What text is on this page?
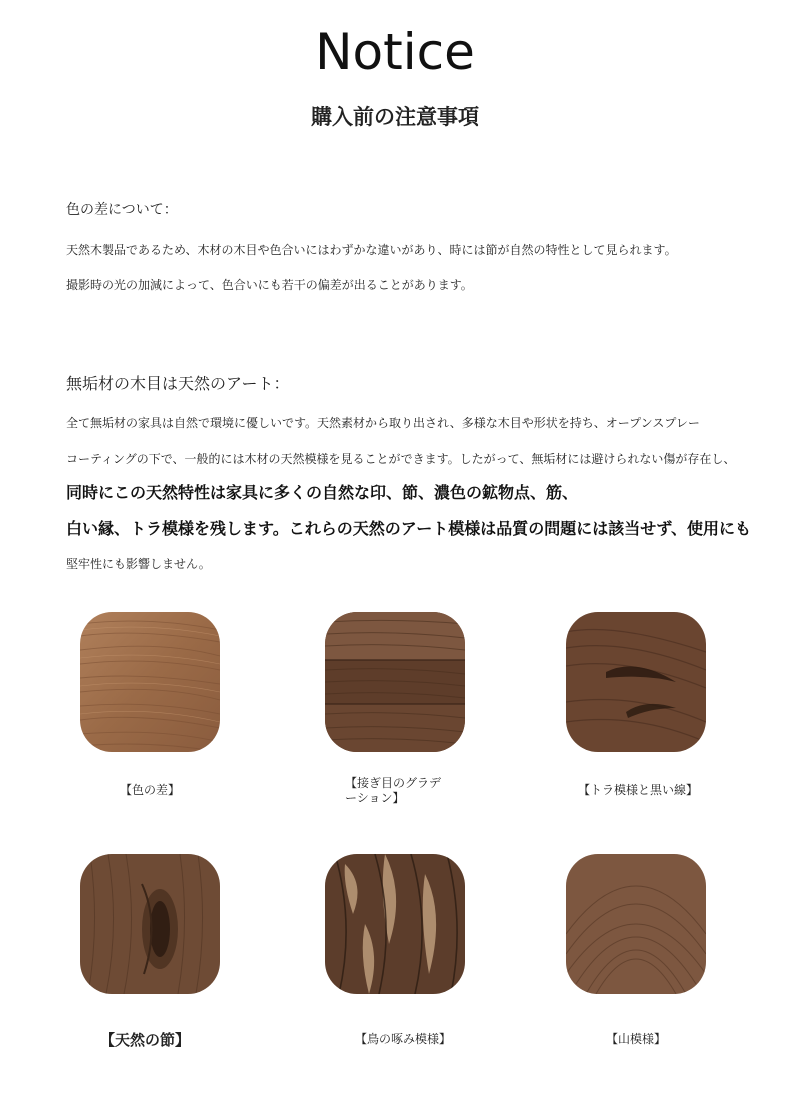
Notice
購入前の注意事項
色の差について：
天然木製品であるため、木材の木目や色合いにはわずかな違いがあり、時には節が自然の特性として見られます。
撮影時の光の加減によって、色合いにも若干の偏差が出ることがあります。
無垢材の木目は天然のアート：
全て無垢材の家具は自然で環境に優しいです。天然素材から取り出され、多様な木目や形状を持ち、オープンスプレー
コーティングの下で、一般的には木材の天然模様を見ることができます。したがって、無垢材には避けられない傷が存在し、
同時にこの天然特性は家具に多くの自然な印、節、濃色の鉱物点、筋、
白い縁、トラ模様を残します。これらの天然のアート模様は品質の問題には該当せず、使用にも
堅牢性にも影響しません。
【色の差】	【接ぎ目のグラデ
ーション】
【トラ模様と黒い線】
【天然の節】	【鳥の啄み模様】	【山模様】
